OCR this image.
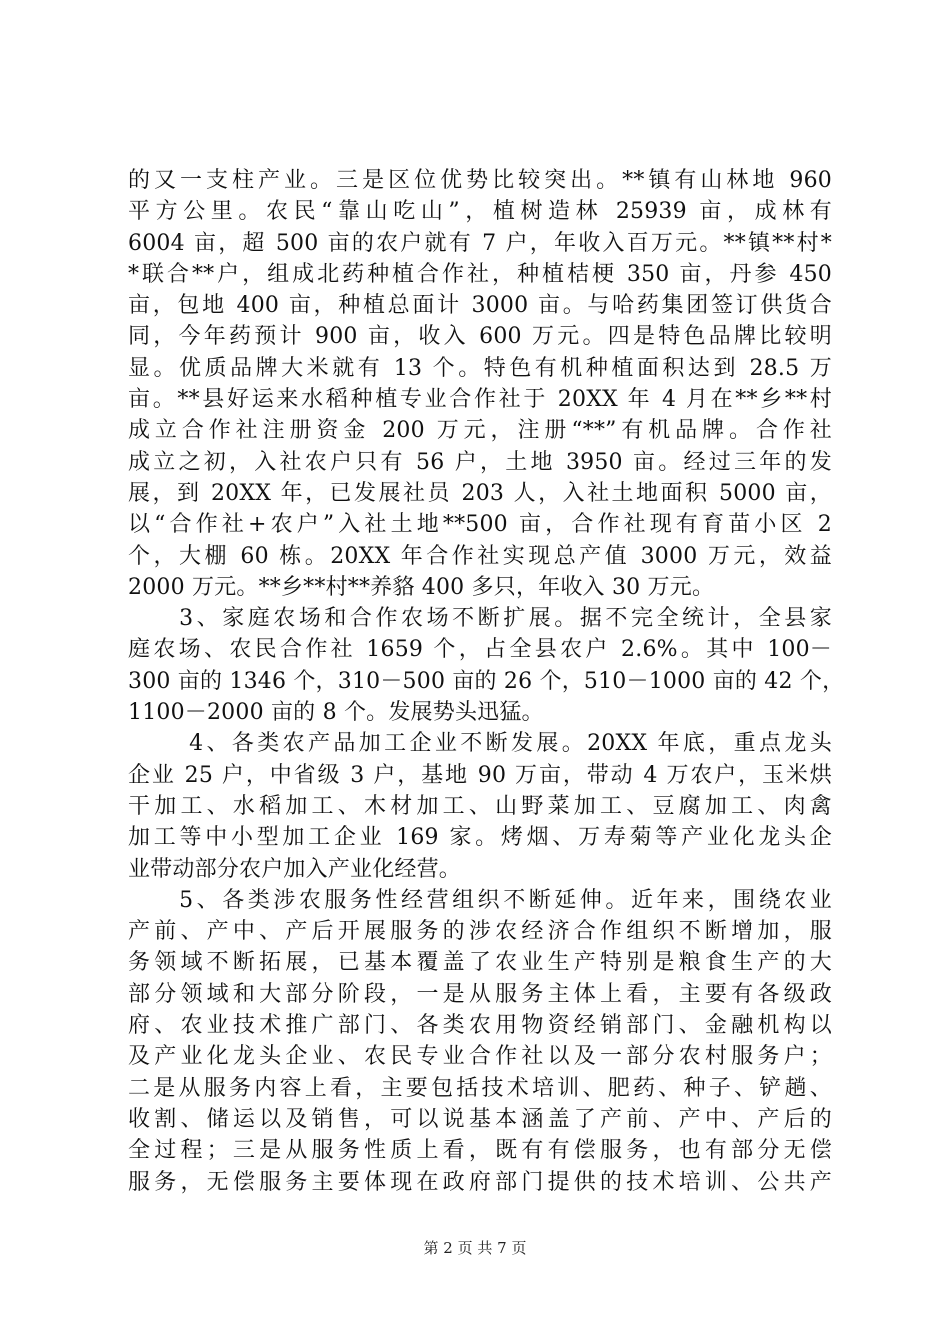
的又一支柱产业。三是区位优势比较突出。**镇有山林地 960
平方公里。农民“靠山吃山”，植树造林 25939 亩，成林有
6004 亩，超 500 亩的农户就有 7 户，年收入百万元。**镇**村*
*联合**户，组成北药种植合作社，种植桔梗 350 亩，丹参 450
亩，包地 400 亩，种植总面计 3000 亩。与哈药集团签订供货合
同，今年药预计 900 亩，收入 600 万元。四是特色品牌比较明
显。优质品牌大米就有 13 个。特色有机种植面积达到 28.5 万
亩。**县好运来水稻种植专业合作社于 20XX 年 4 月在**乡**村
成立合作社注册资金 200 万元，注册“**”有机品牌。合作社
成立之初，入社农户只有 56 户，土地 3950 亩。经过三年的发
展，到 20XX 年，已发展社员 203 人，入社土地面积 5000 亩，
以“合作社+农户”入社土地**500 亩，合作社现有育苗小区 2
个，大棚 60 栋。20XX 年合作社实现总产值 3000 万元，效益
2000 万元。**乡**村**养貉 400 多只，年收入 30 万元。
　　3、家庭农场和合作农场不断扩展。据不完全统计，全县家
庭农场、农民合作社 1659 个，占全县农户 2.6%。其中 100－
300 亩的 1346 个，310－500 亩的 26 个，510－1000 亩的 42 个，
1100－2000 亩的 8 个。发展势头迅猛。
　　 4、各类农产品加工企业不断发展。20XX 年底，重点龙头
企业 25 户，中省级 3 户，基地 90 万亩，带动 4 万农户，玉米烘
干加工、水稻加工、木材加工、山野菜加工、豆腐加工、肉禽
加工等中小型加工企业 169 家。烤烟、万寿菊等产业化龙头企
业带动部分农户加入产业化经营。
　　5、各类涉农服务性经营组织不断延伸。近年来，围绕农业
产前、产中、产后开展服务的涉农经济合作组织不断增加，服
务领域不断拓展，已基本覆盖了农业生产特别是粮食生产的大
部分领域和大部分阶段，一是从服务主体上看，主要有各级政
府、农业技术推广部门、各类农用物资经销部门、金融机构以
及产业化龙头企业、农民专业合作社以及一部分农村服务户；
二是从服务内容上看，主要包括技术培训、肥药、种子、铲趟、
收割、储运以及销售，可以说基本涵盖了产前、产中、产后的
全过程；三是从服务性质上看，既有有偿服务，也有部分无偿
服务，无偿服务主要体现在政府部门提供的技术培训、公共产
第 2 页 共 7 页
